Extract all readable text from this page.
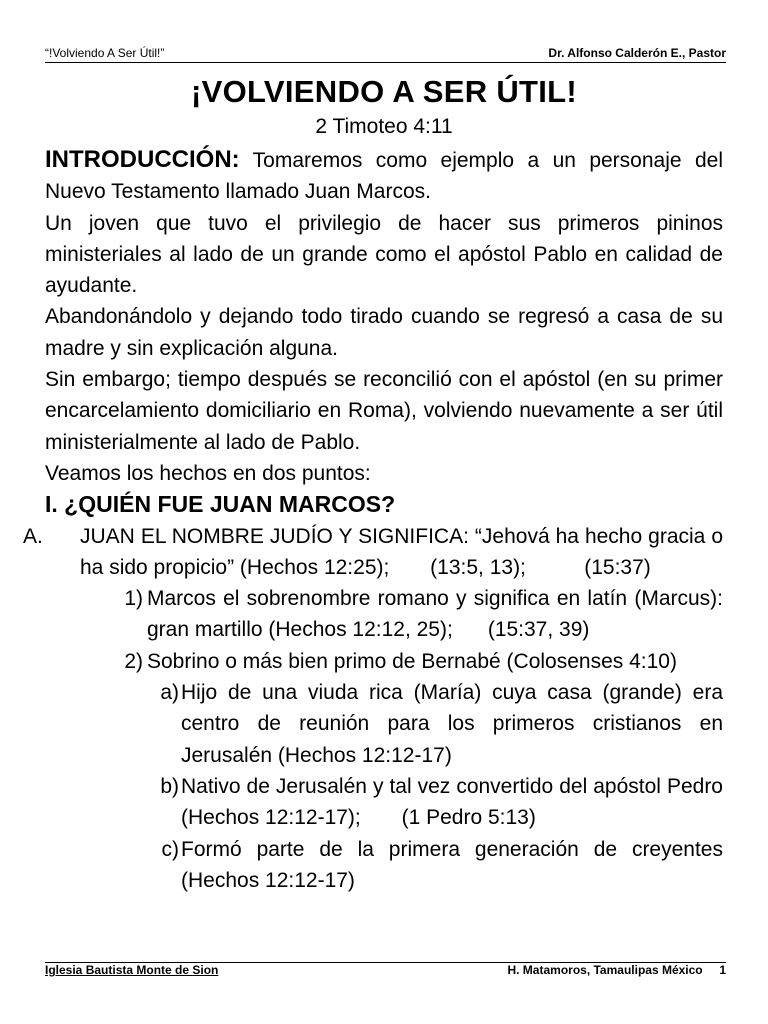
“!Volviendo A Ser Útil!”	Dr. Alfonso Calderón E., Pastor
¡VOLVIENDO A SER ÚTIL!
2 Timoteo 4:11

INTRODUCCIÓN: Tomaremos como ejemplo a un personaje del Nuevo Testamento llamado Juan Marcos.

Un joven que tuvo el privilegio de hacer sus primeros pininos ministeriales al lado de un grande como el apóstol Pablo en calidad de ayudante.

Abandonándolo y dejando todo tirado cuando se regresó a casa de su madre y sin explicación alguna.

Sin embargo; tiempo después se reconcilió con el apóstol (en su primer encarcelamiento domiciliario en Roma), volviendo nuevamente a ser útil ministerialmente al lado de Pablo.

Veamos los hechos en dos puntos:

I. ¿QUIÉN FUE JUAN MARCOS?

A. JUAN EL NOMBRE JUDÍO Y SIGNIFICA: “Jehová ha hecho gracia o ha sido propicio” (Hechos 12:25);       (13:5, 13);          (15:37)
1) Marcos el sobrenombre romano y significa en latín (Marcus): gran martillo (Hechos 12:12, 25);      (15:37, 39)
2) Sobrino o más bien primo de Bernabé (Colosenses 4:10)
a) Hijo de una viuda rica (María) cuya casa (grande) era centro de reunión para los primeros cristianos en Jerusalén (Hechos 12:12-17)
b) Nativo de Jerusalén y tal vez convertido del apóstol Pedro (Hechos 12:12-17);       (1 Pedro 5:13)
c) Formó parte de la primera generación de creyentes (Hechos 12:12-17)
Iglesia Bautista Monte de Sion	H. Matamoros, Tamaulipas México 1
